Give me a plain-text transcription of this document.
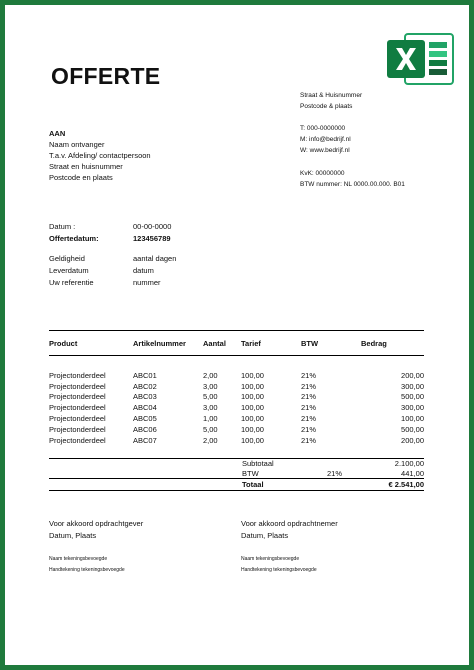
OFFERTE
Straat & Huisnummer
Postcode & plaats
T: 000-0000000
M: info@bedrijf.nl
W: www.bedrijf.nl
KvK: 00000000
BTW nummer: NL 0000.00.000. B01
AAN
Naam ontvanger
T.a.v. Afdeling/ contactpersoon
Straat en huisnummer
Postcode en plaats
Datum :	00-00-0000
Offertedatum:	123456789
Geldigheid	aantal dagen
Leverdatum	datum
Uw referentie	nummer
Product	Artikelnummer	Aantal	Tarief	BTW	Bedrag

Projectonderdeel	ABC01	2,00	100,00	21%	200,00
Projectonderdeel	ABC02	3,00	100,00	21%	300,00
Projectonderdeel	ABC03	5,00	100,00	21%	500,00
Projectonderdeel	ABC04	3,00	100,00	21%	300,00
Projectonderdeel	ABC05	1,00	100,00	21%	100,00
Projectonderdeel	ABC06	5,00	100,00	21%	500,00
Projectonderdeel	ABC07	2,00	100,00	21%	200,00
Subtotaal	2.100,00
BTW	21%	441,00
Totaal	€ 2.541,00
Voor akkoord opdrachtgever
Datum, Plaats
Voor akkoord opdrachtnemer
Datum, Plaats
Naam tekeningsbevoegde
Handtekening tekeningsbevoegde
Naam tekeningsbevoegde
Handtekening tekeningsbevoegde
